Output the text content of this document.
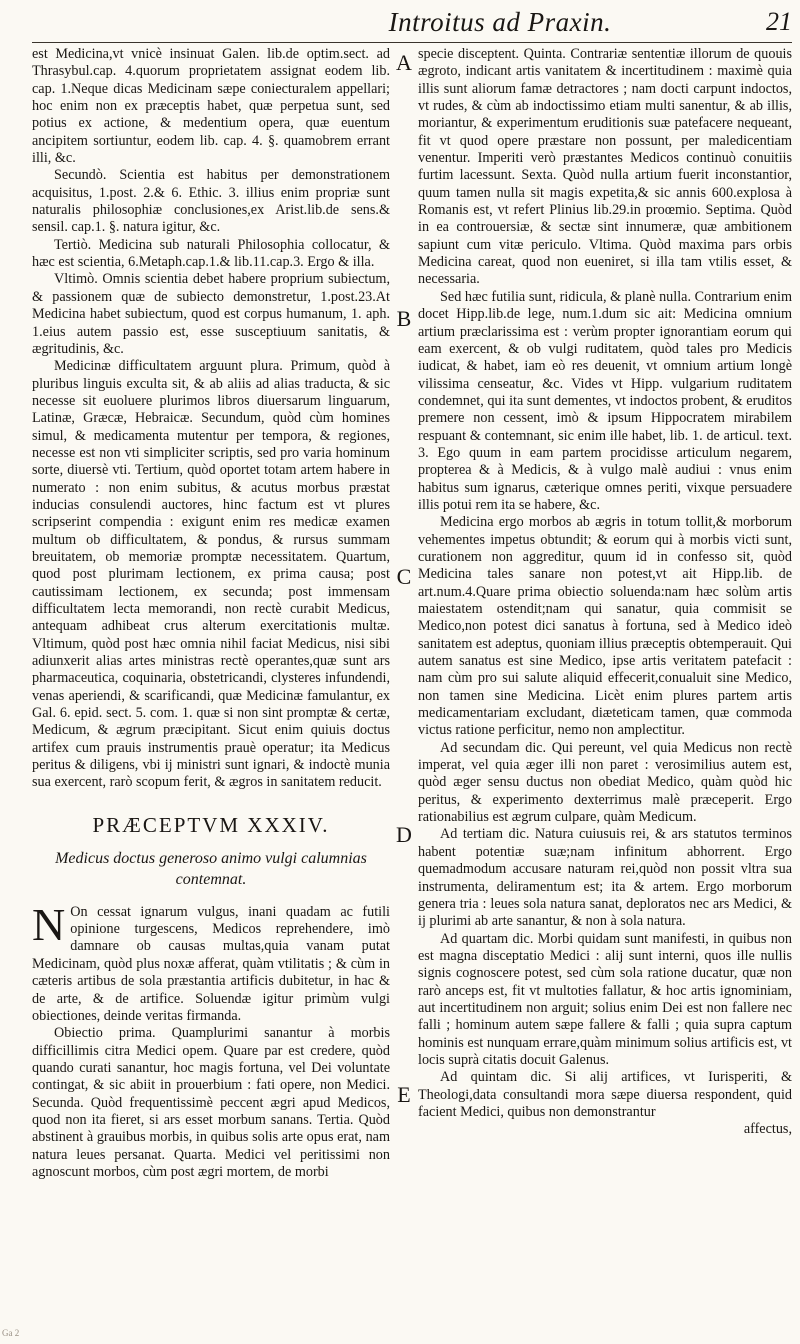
Introitus ad Praxin.	21
A
B
C
D
E

est Medicina,vt vnicè insinuat Galen. lib.de optim.sect. ad Thrasybul.cap. 4.quorum proprietatem assignat eodem lib. cap. 1.Neque dicas Medicinam sæpe coniecturalem appellari; hoc enim non ex præceptis habet, quæ perpetua sunt, sed potius ex actione, & medentium opera, quæ euentum ancipitem sortiuntur, eodem lib. cap. 4. §. quamobrem errant illi, &c.

Secundò. Scientia est habitus per demonstrationem acquisitus, 1.post. 2.& 6. Ethic. 3. illius enim propriæ sunt naturalis philosophiæ conclusiones,ex Arist.lib.de sens.& sensil. cap.1. §. natura igitur, &c.

Tertiò. Medicina sub naturali Philosophia collocatur, & hæc est scientia, 6.Metaph.cap.1.& lib.11.cap.3. Ergo & illa.

Vltimò. Omnis scientia debet habere proprium subiectum, & passionem quæ de subiecto demonstretur, 1.post.23.At Medicina habet subiectum, quod est corpus humanum, 1. aph. 1.eius autem passio est, esse susceptiuum sanitatis, & ægritudinis, &c.

Medicinæ difficultatem arguunt plura. Primum, quòd à pluribus linguis exculta sit, & ab aliis ad alias traducta, & sic necesse sit euoluere plurimos libros diuersarum linguarum, Latinæ, Græcæ, Hebraicæ. Secundum, quòd cùm homines simul, & medicamenta mutentur per tempora, & regiones, necesse est non vti simpliciter scriptis, sed pro varia hominum sorte, diuersè vti. Tertium, quòd oportet totam artem habere in numerato : non enim subitus, & acutus morbus præstat inducias consulendi auctores, hinc factum est vt plures scripserint compendia : exigunt enim res medicæ examen multum ob difficultatem, & pondus, & rursus summam breuitatem, ob memoriæ promptæ necessitatem. Quartum, quod post plurimam lectionem, ex prima causa; post cautissimam lectionem, ex secunda; post immensam difficultatem lecta memorandi, non rectè curabit Medicus, antequam adhibeat crus alterum exercitationis multæ. Vltimum, quòd post hæc omnia nihil faciat Medicus, nisi sibi adiunxerit alias artes ministras rectè operantes,quæ sunt ars pharmaceutica, coquinaria, obstetricandi, clysteres infundendi, venas aperiendi, & scarificandi, quæ Medicinæ famulantur, ex Gal. 6. epid. sect. 5. com. 1. quæ si non sint promptæ & certæ, Medicum, & ægrum præcipitant. Sicut enim quiuis doctus artifex cum prauis instrumentis prauè operatur; ita Medicus peritus & diligens, vbi ij ministri sunt ignari, & indoctè munia sua exercent, rarò scopum ferit, & ægros in sanitatem reducit.

PRÆCEPTVM XXXIV.
Medicus doctus generoso animo vulgi calumnias contemnat.

N On cessat ignarum vulgus, inani quadam ac futili opinione turgescens, Medicos reprehendere, imò damnare ob causas multas,quia vanam putat Medicinam, quòd plus noxæ afferat, quàm vtilitatis ; & cùm in cæteris artibus de sola præstantia artificis dubitetur, in hac & de arte, & de artifice. Soluendæ igitur primùm vulgi obiectiones, deinde veritas firmanda.

Obiectio prima. Quamplurimi sanantur à morbis difficillimis citra Medici opem. Quare par est credere, quòd quando curati sanantur, hoc magis fortuna, vel Dei voluntate contingat, & sic abiit in prouerbium : fati opere, non Medici. Secunda. Quòd frequentissimè peccent ægri apud Medicos, quod non ita fieret, si ars esset morbum sanans. Tertia. Quòd abstinent à grauibus morbis, in quibus solis arte opus erat, nam natura leues persanat. Quarta. Medici vel peritissimi non agnoscunt morbos, cùm post ægri mortem, de morbi

specie disceptent. Quinta. Contrariæ sententiæ illorum de quouis ægroto, indicant artis vanitatem & incertitudinem : maximè quia illis sunt aliorum famæ detractores ; nam docti carpunt indoctos, vt rudes, & cùm ab indoctissimo etiam multi sanentur, & ab illis, moriantur, & experimentum eruditionis suæ patefacere nequeant, fit vt quod opere præstare non possunt, per maledicentiam venentur. Imperiti verò præstantes Medicos continuò conuitiis furtim lacessunt. Sexta. Quòd nulla artium fuerit inconstantior, quum tamen nulla sit magis expetita,& sic annis 600.explosa à Romanis est, vt refert Plinius lib.29.in proœmio. Septima. Quòd in ea controuersiæ, & sectæ sint innumeræ, quæ ambitionem sapiunt cum vitæ periculo. Vltima. Quòd maxima pars orbis Medicina careat, quod non eueniret, si illa tam vtilis esset, & necessaria.

Sed hæc futilia sunt, ridicula, & planè nulla. Contrarium enim docet Hipp.lib.de lege, num.1.dum sic ait: Medicina omnium artium præclarissima est : verùm propter ignorantiam eorum qui eam exercent, & ob vulgi ruditatem, quòd tales pro Medicis iudicat, & habet, iam eò res deuenit, vt omnium artium longè vilissima censeatur, &c. Vides vt Hipp. vulgarium ruditatem condemnet, qui ita sunt dementes, vt indoctos probent, & eruditos premere non cessent, imò & ipsum Hippocratem mirabilem respuant & contemnant, sic enim ille habet, lib. 1. de articul. text. 3. Ego quum in eam partem procidisse articulum negarem, propterea & à Medicis, & à vulgo malè audiui : vnus enim habitus sum ignarus, cæterique omnes periti, vixque persuadere illis potui rem ita se habere, &c.

Medicina ergo morbos ab ægris in totum tollit,& morborum vehementes impetus obtundit; & eorum qui à morbis victi sunt, curationem non aggreditur, quum id in confesso sit, quòd Medicina tales sanare non potest,vt ait Hipp.lib. de art.num.4.Quare prima obiectio soluenda:nam hæc solùm artis maiestatem ostendit;nam qui sanatur, quia commisit se Medico,non potest dici sanatus à fortuna, sed à Medico ideò sanitatem est adeptus, quoniam illius præceptis obtemperauit. Qui autem sanatus est sine Medico, ipse artis veritatem patefacit : nam cùm pro sui salute aliquid effecerit,conualuit sine Medico, non tamen sine Medicina. Licèt enim plures partem artis medicamentariam excludant, diæteticam tamen, quæ commoda victus ratione perficitur, nemo non amplectitur.

Ad secundam dic. Qui pereunt, vel quia Medicus non rectè imperat, vel quia æger illi non paret : verosimilius autem est, quòd æger sensu ductus non obediat Medico, quàm quòd hic peritus, & experimento dexterrimus malè præceperit. Ergo rationabilius est ægrum culpare, quàm Medicum.

Ad tertiam dic. Natura cuiusuis rei, & ars statutos terminos habent potentiæ suæ;nam infinitum abhorrent. Ergo quemadmodum accusare naturam rei,quòd non possit vltra sua instrumenta, deliramentum est; ita & artem. Ergo morborum genera tria : leues sola natura sanat, deploratos nec ars Medici, & ij plurimi ab arte sanantur, & non à sola natura.

Ad quartam dic. Morbi quidam sunt manifesti, in quibus non est magna disceptatio Medici : alij sunt interni, quos ille nullis signis cognoscere potest, sed cùm sola ratione ducatur, quæ non rarò anceps est, fit vt multoties fallatur, & hoc artis ignominiam, aut incertitudinem non arguit; solius enim Dei est non fallere nec falli ; hominum autem sæpe fallere & falli ; quia supra captum hominis est nunquam errare,quàm minimum solius artificis est, vt locis suprà citatis docuit Galenus.

Ad quintam dic. Si alij artifices, vt Iurisperiti, & Theologi,data consultandi mora sæpe diuersa respondent, quid facient Medici, quibus non demonstrantur

affectus,
Ga 2
